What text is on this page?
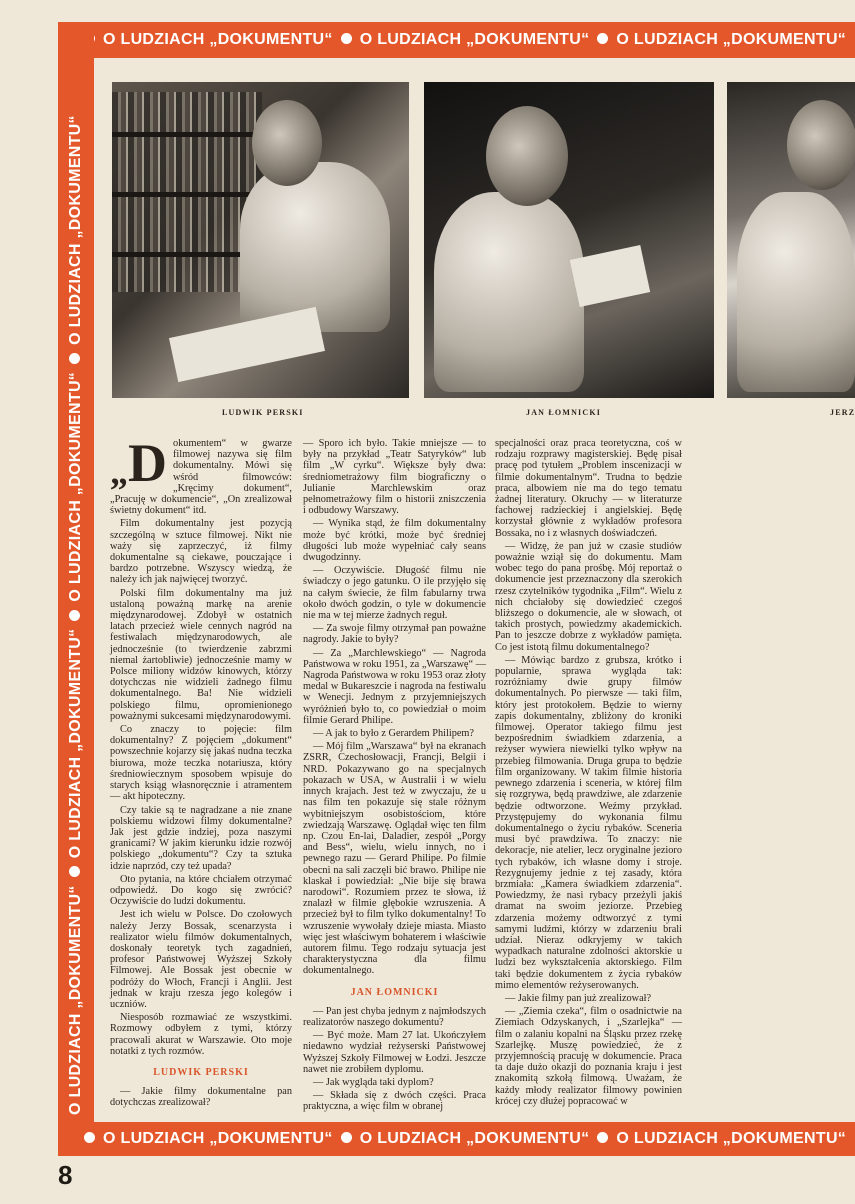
O LUDZIACH „DOKUMENTU“ O LUDZIACH „DOKUMENTU“ O LUDZIACH „DOKUMENTU“
O LUDZIACH „DOKUMENTU“O LUDZIACH „DOKUMENTU“O LUDZIACH „DOKUMENTU“O LUDZIACH „DOKUMENTU“
O LUDZIACH „DOKUMENTU“ O LUDZIACH „DOKUMENTU“ O LUDZIACH „DOKUMENTU“
8
LUDWIK PERSKI	JAN ŁOMNICKI	JERZ

„ D okumentem“ w gwarze filmowej nazywa się film dokumentalny. Mówi się wśród filmowców: „Kręcimy dokument“, „Pracuję w dokumencie“, „On zrealizował świetny dokument“ itd.

Film dokumentalny jest pozycją szczególną w sztuce filmowej. Nikt nie waży się zaprzeczyć, iż filmy dokumentalne są ciekawe, pouczające i bardzo potrzebne. Wszyscy wiedzą, że należy ich jak najwięcej tworzyć.

Polski film dokumentalny ma już ustaloną poważną markę na arenie międzynarodowej. Zdobył w ostatnich latach przecież wiele cennych nagród na festiwalach międzynarodowych, ale jednocześnie (to twierdzenie zabrzmi niemal żartobliwie) jednocześnie mamy w Polsce miliony widzów kinowych, którzy dotychczas nie widzieli żadnego filmu dokumentalnego. Ba! Nie widzieli polskiego filmu, opromienionego poważnymi sukcesami międzynarodowymi.

Co znaczy to pojęcie: film dokumentalny? Z pojęciem „dokument“ powszechnie kojarzy się jakaś nudna teczka biurowa, może teczka notariusza, który średniowiecznym sposobem wpisuje do starych ksiąg własnoręcznie i atramentem — akt hipoteczny.

Czy takie są te nagradzane a nie znane polskiemu widzowi filmy dokumentalne? Jak jest gdzie indziej, poza naszymi granicami? W jakim kierunku idzie rozwój polskiego „dokumentu“? Czy ta sztuka idzie naprzód, czy też upada?

Oto pytania, na które chciałem otrzymać odpowiedź. Do kogo się zwrócić? Oczywiście do ludzi dokumentu.

Jest ich wielu w Polsce. Do czołowych należy Jerzy Bossak, scenarzysta i realizator wielu filmów dokumentalnych, doskonały teoretyk tych zagadnień, profesor Państwowej Wyższej Szkoły Filmowej. Ale Bossak jest obecnie w podróży do Włoch, Francji i Anglii. Jest jednak w kraju rzesza jego kolegów i uczniów.

Niesposób rozmawiać ze wszystkimi. Rozmowy odbyłem z tymi, którzy pracowali akurat w Warszawie. Oto moje notatki z tych rozmów.

LUDWIK PERSKI

— Jakie filmy dokumentalne pan dotychczas zrealizował?

— Sporo ich było. Takie mniejsze — to były na przykład „Teatr Satyryków“ lub film „W cyrku“. Większe były dwa: średniometrażowy film biograficzny o Julianie Marchlewskim oraz pełnometrażowy film o historii zniszczenia i odbudowy Warszawy.

— Wynika stąd, że film dokumentalny może być krótki, może być średniej długości lub może wypełniać cały seans dwugodzinny.

— Oczywiście. Długość filmu nie świadczy o jego gatunku. O ile przyjęło się na całym świecie, że film fabularny trwa około dwóch godzin, o tyle w dokumencie nie ma w tej mierze żadnych reguł.

— Za swoje filmy otrzymał pan poważne nagrody. Jakie to były?

— Za „Marchlewskiego“ — Nagroda Państwowa w roku 1951, za „Warszawę“ — Nagroda Państwowa w roku 1953 oraz złoty medal w Bukareszcie i nagroda na festiwalu w Wenecji. Jednym z przyjemniejszych wyróżnień było to, co powiedział o moim filmie Gerard Philipe.

— A jak to było z Gerardem Philipem?

— Mój film „Warszawa“ był na ekranach ZSRR, Czechosłowacji, Francji, Belgii i NRD. Pokazywano go na specjalnych pokazach w USA, w Australii i w wielu innych krajach. Jest też w zwyczaju, że u nas film ten pokazuje się stale różnym wybitniejszym osobistościom, które zwiedzają Warszawę. Oglądał więc ten film np. Czou En-lai, Daladier, zespół „Porgy and Bess“, wielu, wielu innych, no i pewnego razu — Gerard Philipe. Po filmie obecni na sali zaczęli bić brawo. Philipe nie klaskał i powiedział: „Nie bije się brawa narodowi“. Rozumiem przez te słowa, iż znalazł w filmie głębokie wzruszenia. A przecież był to film tylko dokumentalny! To wzruszenie wywołały dzieje miasta. Miasto więc jest właściwym bohaterem i właściwie autorem filmu. Tego rodzaju sytuacja jest charakterystyczna dla filmu dokumentalnego.

JAN ŁOMNICKI

— Pan jest chyba jednym z najmłodszych realizatorów naszego dokumentu?

— Być może. Mam 27 lat. Ukończyłem niedawno wydział reżyserski Państwowej Wyższej Szkoły Filmowej w Łodzi. Jeszcze nawet nie zrobiłem dyplomu.

— Jak wygląda taki dyplom?

— Składa się z dwóch części. Praca praktyczna, a więc film w obranej

specjalności oraz praca teoretyczna, coś w rodzaju rozprawy magisterskiej. Będę pisał pracę pod tytułem „Problem inscenizacji w filmie dokumentalnym“. Trudna to będzie praca, albowiem nie ma do tego tematu żadnej literatury. Okruchy — w literaturze fachowej radzieckiej i angielskiej. Będę korzystał głównie z wykładów profesora Bossaka, no i z własnych doświadczeń.

— Widzę, że pan już w czasie studiów poważnie wziął się do dokumentu. Mam wobec tego do pana prośbę. Mój reportaż o dokumencie jest przeznaczony dla szerokich rzesz czytelników tygodnika „Film“. Wielu z nich chciałoby się dowiedzieć czegoś bliższego o dokumencie, ale w słowach, ot takich prostych, powiedzmy akademickich. Pan to jeszcze dobrze z wykładów pamięta. Co jest istotą filmu dokumentalnego?

— Mówiąc bardzo z grubsza, krótko i popularnie, sprawa wygląda tak: rozróżniamy dwie grupy filmów dokumentalnych. Po pierwsze — taki film, który jest protokołem. Będzie to wierny zapis dokumentalny, zbliżony do kroniki filmowej. Operator takiego filmu jest bezpośrednim świadkiem zdarzenia, a reżyser wywiera niewielki tylko wpływ na przebieg filmowania. Druga grupa to będzie film organizowany. W takim filmie historia pewnego zdarzenia i sceneria, w której film się rozgrywa, będą prawdziwe, ale zdarzenie będzie odtworzone. Weźmy przykład. Przystępujemy do wykonania filmu dokumentalnego o życiu rybaków. Sceneria musi być prawdziwa. To znaczy: nie dekoracje, nie atelier, lecz oryginalne jezioro tych rybaków, ich własne domy i stroje. Rezygnujemy jednie z tej zasady, która brzmiała: „Kamera świadkiem zdarzenia“. Powiedzmy, że nasi rybacy przeżyli jakiś dramat na swoim jeziorze. Przebieg zdarzenia możemy odtworzyć z tymi samymi ludźmi, którzy w zdarzeniu brali udział. Nieraz odkryjemy w takich wypadkach naturalne zdolności aktorskie u ludzi bez wykształcenia aktorskiego. Film taki będzie dokumentem z życia rybaków mimo elementów reżyserowanych.

— Jakie filmy pan już zrealizował?

— „Ziemia czeka“, film o osadnictwie na Ziemiach Odzyskanych, i „Szarlejka“ — film o zalaniu kopalni na Śląsku przez rzekę Szarlejkę. Muszę powiedzieć, że z przyjemnością pracuję w dokumencie. Praca ta daje dużo okazji do poznania kraju i jest znakomitą szkołą filmową. Uważam, że każdy młody realizator filmowy powinien krócej czy dłużej popracować w
